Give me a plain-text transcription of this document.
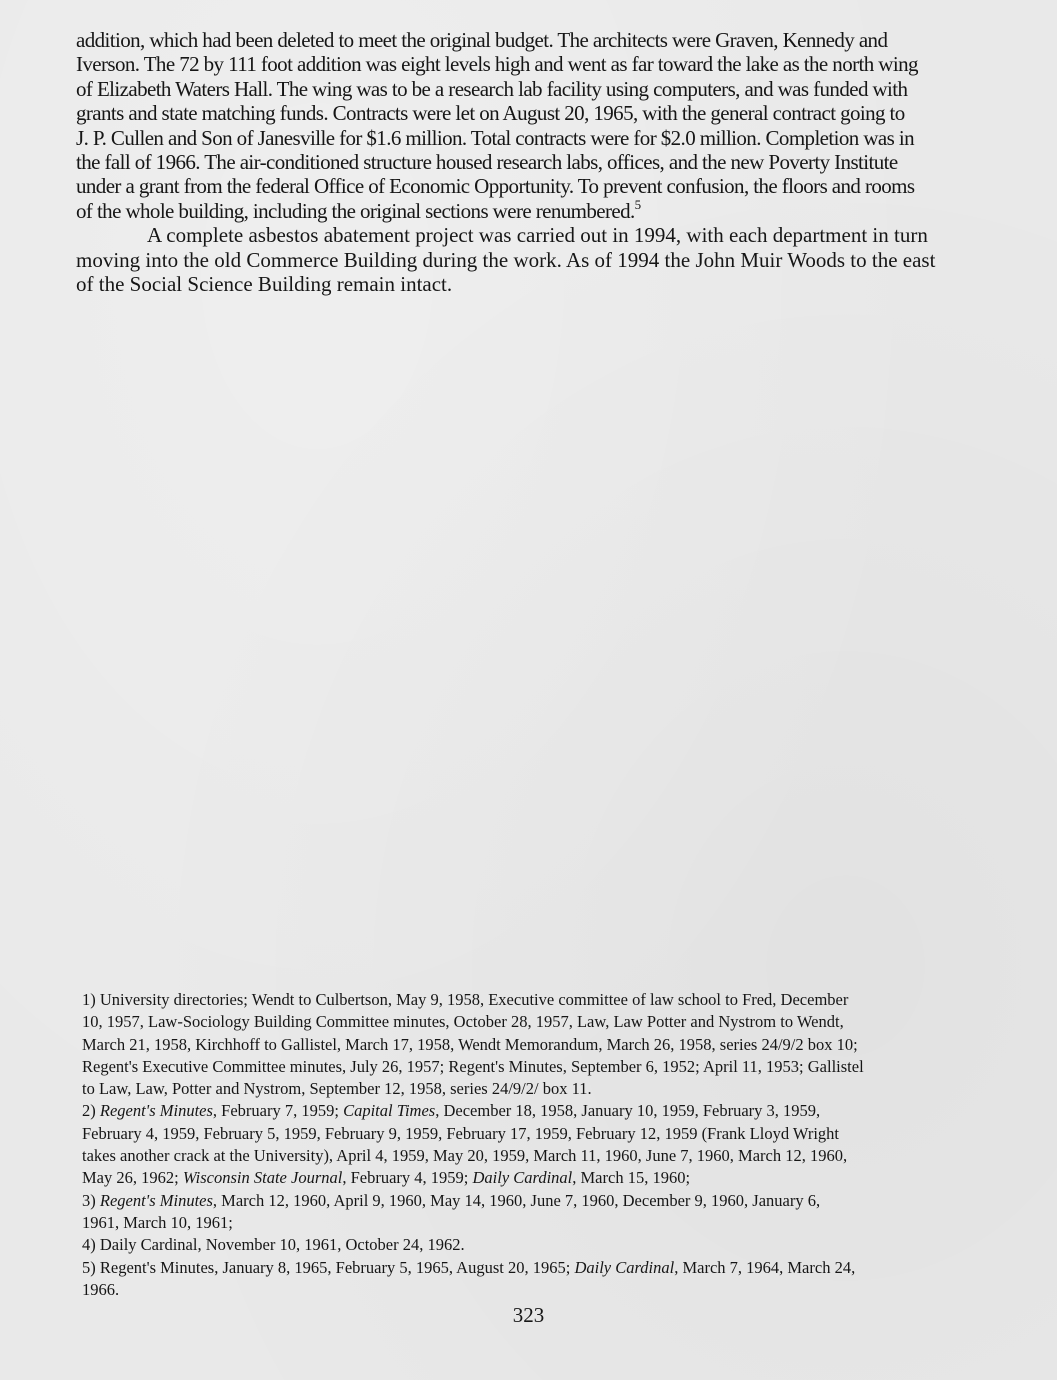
addition, which had been deleted to meet the original budget. The architects were Graven, Kennedy and
Iverson. The 72 by 111 foot addition was eight levels high and went as far toward the lake as the north wing
of Elizabeth Waters Hall. The wing was to be a research lab facility using computers, and was funded with
grants and state matching funds. Contracts were let on August 20, 1965, with the general contract going to
J. P. Cullen and Son of Janesville for $1.6 million. Total contracts were for $2.0 million. Completion was in
the fall of 1966. The air-conditioned structure housed research labs, offices, and the new Poverty Institute
under a grant from the federal Office of Economic Opportunity. To prevent confusion, the floors and rooms
of the whole building, including the original sections were renumbered.$^5$

A complete asbestos abatement project was carried out in 1994, with each department in turn
moving into the old Commerce Building during the work. As of 1994 the John Muir Woods to the east
of the Social Science Building remain intact.

1) University directories; Wendt to Culbertson, May 9, 1958, Executive committee of law school to Fred, December
10, 1957, Law-Sociology Building Committee minutes, October 28, 1957, Law, Law Potter and Nystrom to Wendt,
March 21, 1958, Kirchhoff to Gallistel, March 17, 1958, Wendt Memorandum, March 26, 1958, series 24/9/2 box 10;
Regent's Executive Committee minutes, July 26, 1957; Regent's Minutes, September 6, 1952; April 11, 1953; Gallistel
to Law, Law, Potter and Nystrom, September 12, 1958, series 24/9/2/ box 11.

2) Regent's Minutes, February 7, 1959; Capital Times, December 18, 1958, January 10, 1959, February 3, 1959,
February 4, 1959, February 5, 1959, February 9, 1959, February 17, 1959, February 12, 1959 (Frank Lloyd Wright
takes another crack at the University), April 4, 1959, May 20, 1959, March 11, 1960, June 7, 1960, March 12, 1960,
May 26, 1962; Wisconsin State Journal, February 4, 1959; Daily Cardinal, March 15, 1960;

3) Regent's Minutes, March 12, 1960, April 9, 1960, May 14, 1960, June 7, 1960, December 9, 1960, January 6,
1961, March 10, 1961;

4) Daily Cardinal, November 10, 1961, October 24, 1962.

5) Regent's Minutes, January 8, 1965, February 5, 1965, August 20, 1965; Daily Cardinal, March 7, 1964, March 24,
1966.

323
